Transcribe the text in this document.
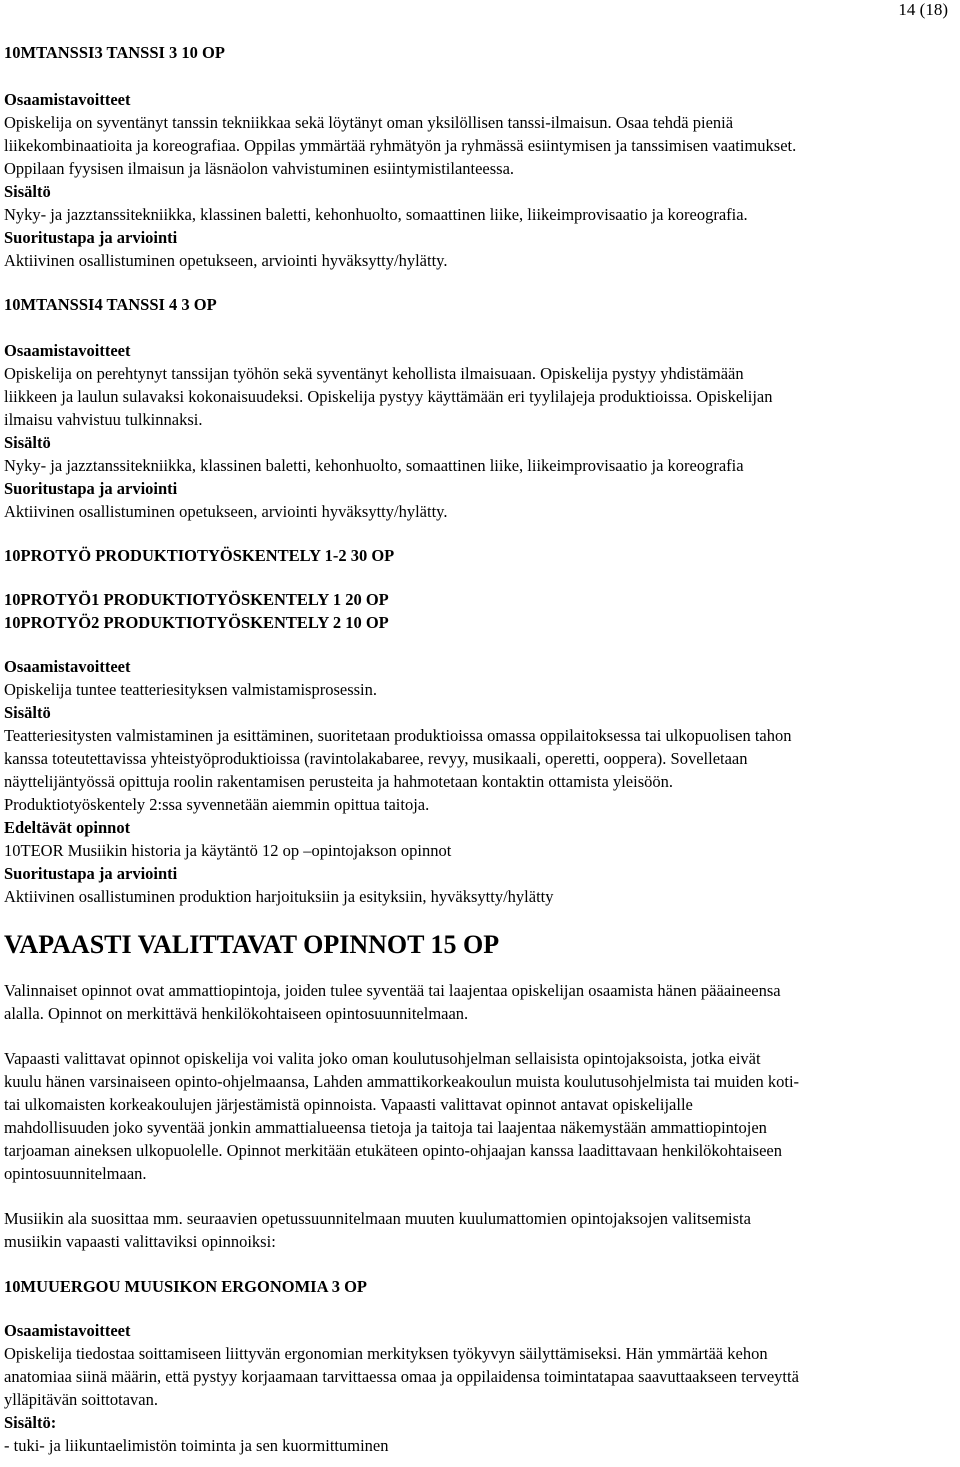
14 (18)

10MTANSSI3 TANSSI 3 10 OP

Osaamistavoitteet

Opiskelija on syventänyt tanssin tekniikkaa sekä löytänyt oman yksilöllisen tanssi-ilmaisun. Osaa tehdä pieniä

liikekombinaatioita ja koreografiaa. Oppilas ymmärtää ryhmätyön ja ryhmässä esiintymisen ja tanssimisen vaatimukset.

Oppilaan fyysisen ilmaisun ja läsnäolon vahvistuminen esiintymistilanteessa.

Sisältö

Nyky- ja jazztanssitekniikka, klassinen baletti, kehonhuolto, somaattinen liike, liikeimprovisaatio ja koreografia.

Suoritustapa ja arviointi

Aktiivinen osallistuminen opetukseen, arviointi hyväksytty/hylätty.

10MTANSSI4 TANSSI 4 3 OP

Osaamistavoitteet

Opiskelija on perehtynyt tanssijan työhön sekä syventänyt kehollista ilmaisuaan. Opiskelija pystyy yhdistämään

liikkeen ja laulun sulavaksi kokonaisuudeksi. Opiskelija pystyy käyttämään eri tyylilajeja produktioissa. Opiskelijan

ilmaisu vahvistuu tulkinnaksi.

Sisältö

Nyky- ja jazztanssitekniikka, klassinen baletti, kehonhuolto, somaattinen liike, liikeimprovisaatio ja koreografia

Suoritustapa ja arviointi

Aktiivinen osallistuminen opetukseen, arviointi hyväksytty/hylätty.

10PROTYÖ PRODUKTIOTYÖSKENTELY 1-2 30 OP

10PROTYÖ1 PRODUKTIOTYÖSKENTELY 1 20 OP

10PROTYÖ2 PRODUKTIOTYÖSKENTELY 2 10 OP

Osaamistavoitteet

Opiskelija tuntee teatteriesityksen valmistamisprosessin.

Sisältö

Teatteriesitysten valmistaminen ja esittäminen, suoritetaan produktioissa omassa oppilaitoksessa tai ulkopuolisen tahon

kanssa toteutettavissa yhteistyöproduktioissa (ravintolakabaree, revyy, musikaali, operetti, ooppera). Sovelletaan

näyttelijäntyössä opittuja roolin rakentamisen perusteita ja hahmotetaan kontaktin ottamista yleisöön.

Produktiotyöskentely 2:ssa syvennetään aiemmin opittua taitoja.

Edeltävät opinnot

10TEOR Musiikin historia ja käytäntö 12 op –opintojakson opinnot

Suoritustapa ja arviointi

Aktiivinen osallistuminen produktion harjoituksiin ja esityksiin, hyväksytty/hylätty

VAPAASTI VALITTAVAT OPINNOT 15 OP

Valinnaiset opinnot ovat ammattiopintoja, joiden tulee syventää tai laajentaa opiskelijan osaamista hänen pääaineensa

alalla. Opinnot on merkittävä henkilökohtaiseen opintosuunnitelmaan.

Vapaasti valittavat opinnot opiskelija voi valita joko oman koulutusohjelman sellaisista opintojaksoista, jotka eivät

kuulu hänen varsinaiseen opinto-ohjelmaansa, Lahden ammattikorkeakoulun muista koulutusohjelmista tai muiden koti-

tai ulkomaisten korkeakoulujen järjestämistä opinnoista. Vapaasti valittavat opinnot antavat opiskelijalle

mahdollisuuden joko syventää jonkin ammattialueensa tietoja ja taitoja tai laajentaa näkemystään ammattiopintojen

tarjoaman aineksen ulkopuolelle. Opinnot merkitään etukäteen opinto-ohjaajan kanssa laadittavaan henkilökohtaiseen

opintosuunnitelmaan.

Musiikin ala suosittaa mm. seuraavien opetussuunnitelmaan muuten kuulumattomien opintojaksojen valitsemista

musiikin vapaasti valittaviksi opinnoiksi:

10MUUERGOU MUUSIKON ERGONOMIA 3 OP

Osaamistavoitteet

Opiskelija tiedostaa soittamiseen liittyvän ergonomian merkityksen työkyvyn säilyttämiseksi. Hän ymmärtää kehon

anatomiaa siinä määrin, että pystyy korjaamaan tarvittaessa omaa ja oppilaidensa toimintatapaa saavuttaakseen terveyttä

ylläpitävän soittotavan.

Sisältö:

- tuki- ja liikuntaelimistön toiminta ja sen kuormittuminen
